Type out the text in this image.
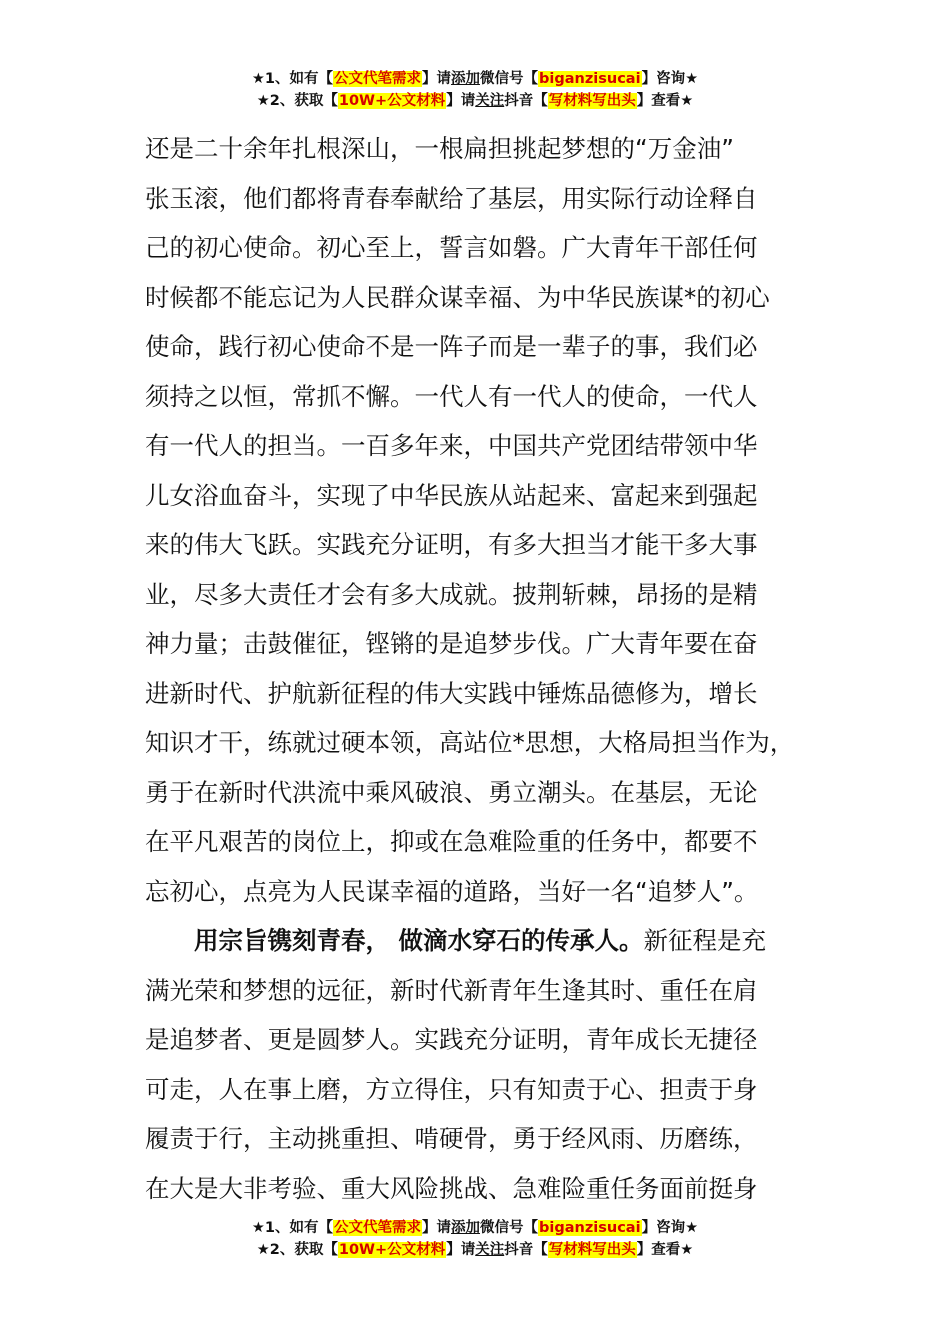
★1、如有【公文代笔需求】请添加微信号【biganzisucai】咨询★
★2、获取【10W+公文材料】请关注抖音【写材料写出头】查看★

还是二十余年扎根深山，一根扁担挑起梦想的“万金油”
张玉滚，他们都将青春奉献给了基层，用实际行动诠释自
己的初心使命。初心至上，誓言如磐。广大青年干部任何
时候都不能忘记为人民群众谋幸福、为中华民族谋*的初心
使命，践行初心使命不是一阵子而是一辈子的事，我们必
须持之以恒，常抓不懈。一代人有一代人的使命，一代人
有一代人的担当。一百多年来，中国共产党团结带领中华
儿女浴血奋斗，实现了中华民族从站起来、富起来到强起
来的伟大飞跃。实践充分证明，有多大担当才能干多大事
业，尽多大责任才会有多大成就。披荆斩棘，昂扬的是精
神力量；击鼓催征，铿锵的是追梦步伐。广大青年要在奋
进新时代、护航新征程的伟大实践中锤炼品德修为，增长
知识才干，练就过硬本领，高站位*思想，大格局担当作为，
勇于在新时代洪流中乘风破浪、勇立潮头。在基层，无论
在平凡艰苦的岗位上，抑或在急难险重的任务中，都要不
忘初心，点亮为人民谋幸福的道路，当好一名“追梦人”。

用宗旨镌刻青春， 做滴水穿石的传承人。新征程是充
满光荣和梦想的远征，新时代新青年生逢其时、重任在肩
是追梦者、更是圆梦人。实践充分证明，青年成长无捷径
可走，人在事上磨，方立得住，只有知责于心、担责于身
履责于行，主动挑重担、啃硬骨，勇于经风雨、历磨练，
在大是大非考验、重大风险挑战、急难险重任务面前挺身

★1、如有【公文代笔需求】请添加微信号【biganzisucai】咨询★
★2、获取【10W+公文材料】请关注抖音【写材料写出头】查看★
